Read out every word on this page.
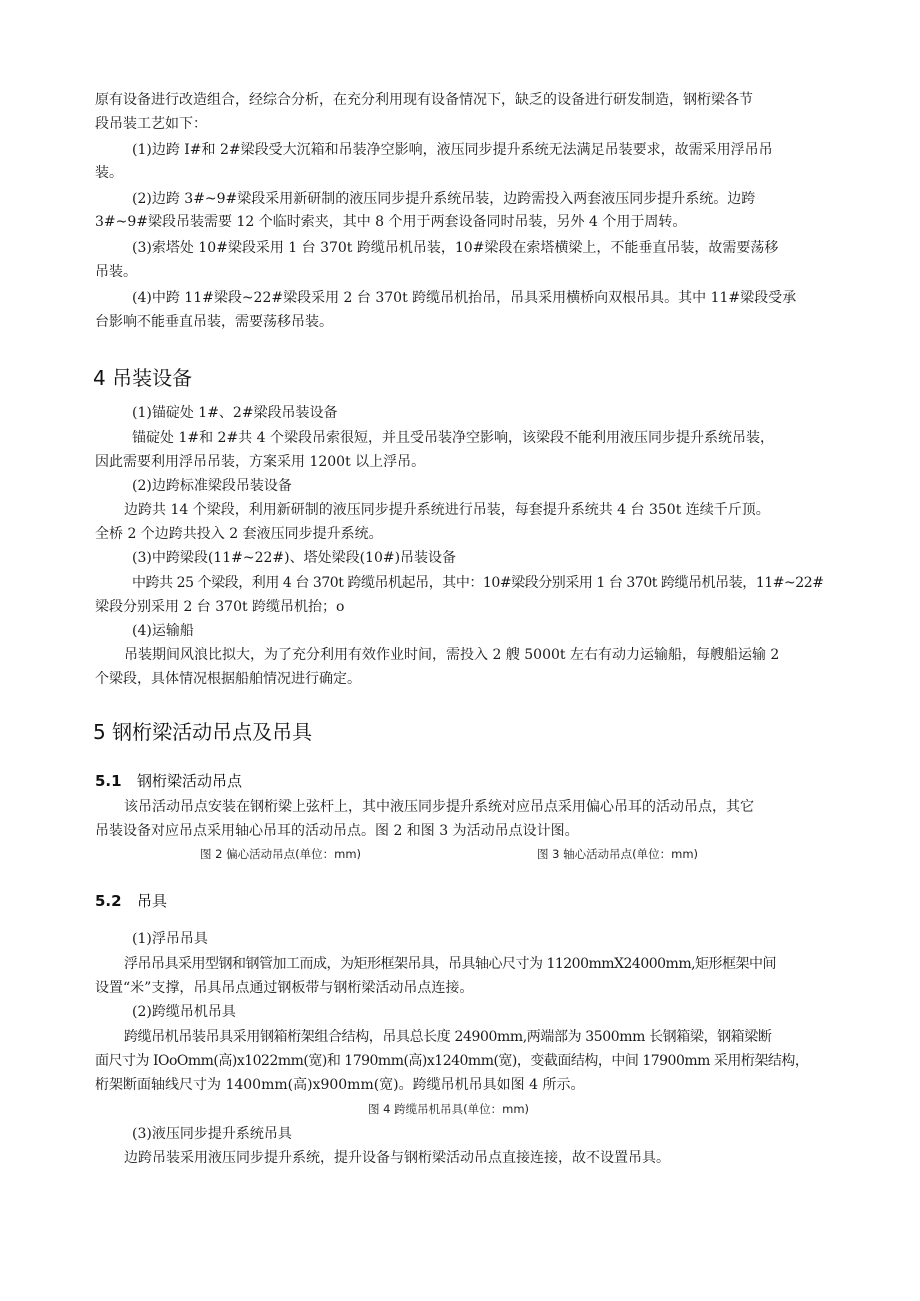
原有设备进行改造组合，经综合分析，在充分利用现有设备情况下，缺乏的设备进行研发制造，钢桁梁各节
段吊装工艺如下：
(1)边跨 I#和 2#梁段受大沉箱和吊装净空影响，液压同步提升系统无法满足吊装要求，故需采用浮吊吊
装。
(2)边跨 3#~9#梁段采用新研制的液压同步提升系统吊装，边跨需投入两套液压同步提升系统。边跨
3#~9#梁段吊装需要 12 个临时索夹，其中 8 个用于两套设备同时吊装，另外 4 个用于周转。
(3)索塔处 10#梁段采用 1 台 370t 跨缆吊机吊装，10#梁段在索塔横梁上，不能垂直吊装，故需要荡移
吊装。
(4)中跨 11#梁段~22#梁段采用 2 台 370t 跨缆吊机抬吊，吊具采用横桥向双根吊具。其中 11#梁段受承
台影响不能垂直吊装，需要荡移吊装。
4 吊装设备
(1)锚碇处 1#、2#梁段吊装设备
锚碇处 1#和 2#共 4 个梁段吊索很短，并且受吊装净空影响，该梁段不能利用液压同步提升系统吊装，
因此需要利用浮吊吊装，方案采用 1200t 以上浮吊。
(2)边跨标准梁段吊装设备
边跨共 14 个梁段，利用新研制的液压同步提升系统进行吊装，每套提升系统共 4 台 350t 连续千斤顶。
全桥 2 个边跨共投入 2 套液压同步提升系统。
(3)中跨梁段(11#~22#)、塔处梁段(10#)吊装设备
中跨共 25 个梁段，利用 4 台 370t 跨缆吊机起吊，其中：10#梁段分别采用 1 台 370t 跨缆吊机吊装，11#~22#
梁段分别采用 2 台 370t 跨缆吊机抬；o
(4)运输船
吊装期间风浪比拟大，为了充分利用有效作业时间，需投入 2 艘 5000t 左右有动力运输船，每艘船运输 2
个梁段，具体情况根据船舶情况进行确定。
5 钢桁梁活动吊点及吊具
5.1 钢桁梁活动吊点
该吊活动吊点安装在钢桁梁上弦杆上，其中液压同步提升系统对应吊点采用偏心吊耳的活动吊点，其它
吊装设备对应吊点采用轴心吊耳的活动吊点。图 2 和图 3 为活动吊点设计图。
图 2 偏心活动吊点(单位：mm)	图 3 轴心活动吊点(单位：mm)
5.2 吊具
(1)浮吊吊具
浮吊吊具采用型钢和钢管加工而成，为矩形框架吊具，吊具轴心尺寸为 11200mmX24000mm,矩形框架中间
设置“米”支撑，吊具吊点通过钢板带与钢桁梁活动吊点连接。
(2)跨缆吊机吊具
跨缆吊机吊装吊具采用钢箱桁架组合结构，吊具总长度 24900mm,两端部为 3500mm 长钢箱梁，钢箱梁断
面尺寸为 IOoOmm(高)x1022mm(宽)和 1790mm(高)x1240mm(宽)，变截面结构，中间 17900mm 采用桁架结构，
桁架断面轴线尺寸为 1400mm(高)x900mm(宽)。跨缆吊机吊具如图 4 所示。
图 4 跨缆吊机吊具(单位：mm)
(3)液压同步提升系统吊具
边跨吊装采用液压同步提升系统，提升设备与钢桁梁活动吊点直接连接，故不设置吊具。
